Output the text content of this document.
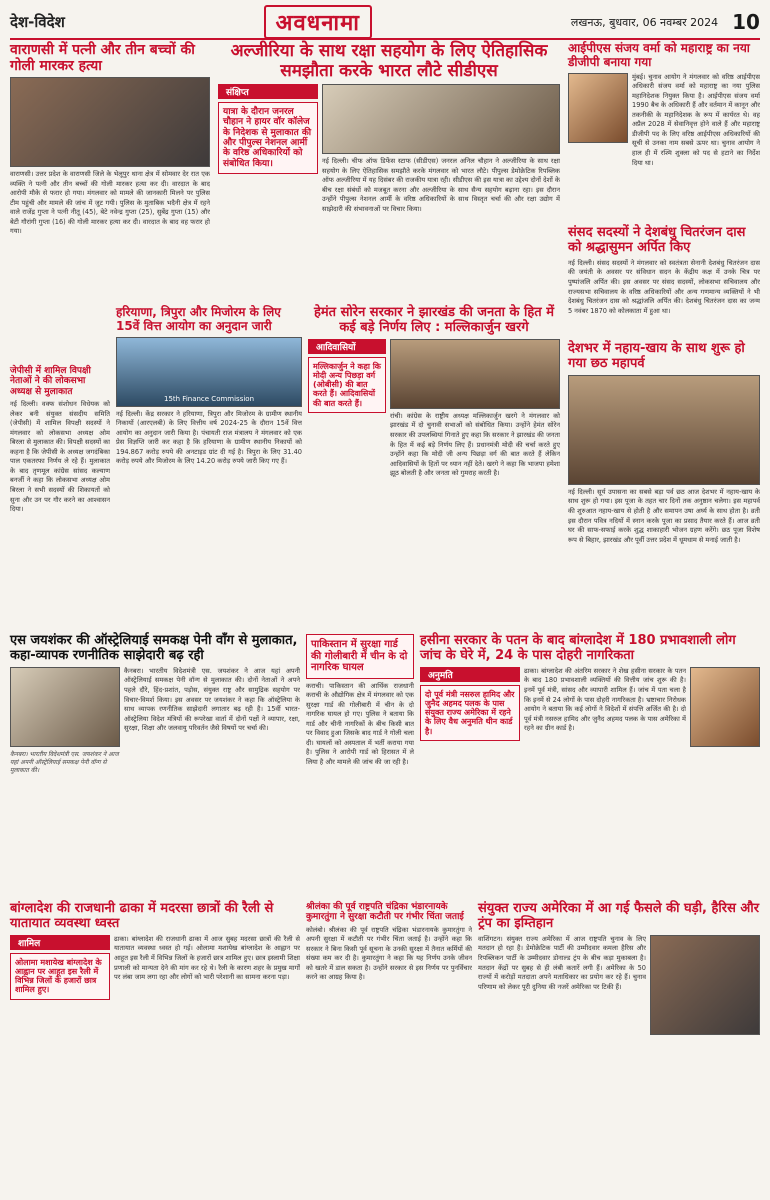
देश-विदेश	अवधनामा	लखनऊ, बुधवार, 06 नवम्बर 2024 10
वाराणसी में पत्नी और तीन बच्चों की गोली मारकर हत्या
वाराणसी। उत्तर प्रदेश के वाराणसी जिले के भेलूपुर थाना क्षेत्र में सोमवार देर रात एक व्यक्ति ने पत्नी और तीन बच्चों की गोली मारकर हत्या कर दी। वारदात के बाद आरोपी मौके से फरार हो गया। मंगलवार को मामले की जानकारी मिलने पर पुलिस टीम पहुंची और मामले की जांच में जुट गयी। पुलिस के मुताबिक भदैनी क्षेत्र में रहने वाले राजेंद्र गुप्ता ने पत्नी नीतू (45), बेटे नवेन्द्र गुप्ता (25), सुबेंद्र गुप्ता (15) और बेटी गौरांगी गुप्ता (16) की गोली मारकर हत्या कर दी। वारदात के बाद वह फरार हो गया।
अल्जीरिया के साथ रक्षा सहयोग के लिए ऐतिहासिक समझौता करके भारत लौटे सीडीएस
संक्षिप्त
यात्रा के दौरान जनरल चौहान ने हायर वॉर कॉलेज के निदेशक से मुलाकात की और पीपुल्स नेशनल आर्मी के वरिष्ठ अधिकारियों को संबोधित किया।	नई दिल्ली। चीफ ऑफ डिफेंस स्टाफ (सीडीएस) जनरल अनिल चौहान ने अल्जीरिया के साथ रक्षा सहयोग के लिए ऐतिहासिक समझौते करके मंगलवार को भारत लौटे। पीपुल्स डेमोक्रेटिक रिपब्लिक ऑफ अल्जीरिया में यह दिसंबर की राजकीय यात्रा रही। सीडीएस की इस यात्रा का उद्देश्य दोनों देशों के बीच रक्षा संबंधों को मजबूत करना और अल्जीरिया के साथ सैन्य सहयोग बढ़ाना रहा। इस दौरान उन्होंने पीपुल्स नेशनल आर्मी के वरिष्ठ अधिकारियों के साथ विस्तृत चर्चा की और रक्षा उद्योग में साझेदारी की संभावनाओं पर विचार किया।
आईपीएस संजय वर्मा को महाराष्ट्र का नया डीजीपी बनाया गया
मुंबई। चुनाव आयोग ने मंगलवार को वरिष्ठ आईपीएस अधिकारी संजय वर्मा को महाराष्ट्र का नया पुलिस महानिदेशक नियुक्त किया है। आईपीएस संजय वर्मा 1990 बैच के अधिकारी हैं और वर्तमान में कानून और तकनीकी के महानिदेशक के रूप में कार्यरत थे। वह अप्रैल 2028 में सेवानिवृत्त होने वाले हैं और महाराष्ट्र डीजीपी पद के लिए वरिष्ठ आईपीएस अधिकारियों की सूची से उनका नाम सबसे ऊपर था। चुनाव आयोग ने हाल ही में रश्मि शुक्ला को पद से हटाने का निर्देश दिया था।
संसद सदस्यों ने देशबंधु चितरंजन दास को श्रद्धासुमन अर्पित किए
नई दिल्ली। संसद सदस्यों ने मंगलवार को स्वतंत्रता सेनानी देशबंधु चितरंजन दास की जयंती के अवसर पर संविधान सदन के केंद्रीय कक्ष में उनके चित्र पर पुष्पांजलि अर्पित की। इस अवसर पर संसद सदस्यों, लोकसभा सचिवालय और राज्यसभा सचिवालय के वरिष्ठ अधिकारियों और अन्य गणमान्य व्यक्तियों ने भी देशबंधु चितरंजन दास को श्रद्धांजलि अर्पित की। देशबंधु चितरंजन दास का जन्म 5 नवंबर 1870 को कोलकाता में हुआ था।
जेपीसी में शामिल विपक्षी नेताओं ने की लोकसभा अध्यक्ष से मुलाकात
नई दिल्ली। वक्फ संशोधन विधेयक को लेकर बनी संयुक्त संसदीय समिति (जेपीसी) में शामिल विपक्षी सदस्यों ने मंगलवार को लोकसभा अध्यक्ष ओम बिरला से मुलाकात की। विपक्षी सदस्यों का कहना है कि जेपीसी के अध्यक्ष जगदंबिका पाल एकतरफा निर्णय ले रहे हैं। मुलाकात के बाद तृणमूल कांग्रेस सांसद कल्याण बनर्जी ने कहा कि लोकसभा अध्यक्ष ओम बिरला ने सभी सदस्यों की शिकायतों को सुना और उन पर गौर करने का आश्वासन दिया।
हरियाणा, त्रिपुरा और मिजोरम के लिए 15वें वित्त आयोग का अनुदान जारी
15th Finance Commission
नई दिल्ली। केंद्र सरकार ने हरियाणा, त्रिपुरा और मिजोरम के ग्रामीण स्थानीय निकायों (आरएलबी) के लिए वित्तीय वर्ष 2024-25 के दौरान 15वें वित्त आयोग का अनुदान जारी किया है। पंचायती राज मंत्रालय ने मंगलवार को एक प्रेस विज्ञप्ति जारी कर कहा है कि हरियाणा के ग्रामीण स्थानीय निकायों को 194.867 करोड़ रुपये की अनटाइड ग्रांट दी गई है। त्रिपुरा के लिए 31.40 करोड़ रुपये और मिजोरम के लिए 14.20 करोड़ रुपये जारी किए गए हैं।
हेमंत सोरेन सरकार ने झारखंड की जनता के हित में कई बड़े निर्णय लिए : मल्लिकार्जुन खरगे
आदिवासियों
मल्लिकार्जुन ने कहा कि मोदी अन्य पिछड़ा वर्ग (ओबीसी) की बात करते हैं। आदिवासियों की बात करते हैं।
रांची। कांग्रेस के राष्ट्रीय अध्यक्ष मल्लिकार्जुन खरगे ने मंगलवार को झारखंड में दो चुनावी सभाओं को संबोधित किया। उन्होंने हेमंत सोरेन सरकार की उपलब्धियां गिनाते हुए कहा कि सरकार ने झारखंड की जनता के हित में कई बड़े निर्णय लिए हैं। प्रधानमंत्री मोदी की चर्चा करते हुए उन्होंने कहा कि मोदी जी अन्य पिछड़ा वर्ग की बात करते हैं लेकिन आदिवासियों के हितों पर ध्यान नहीं देते। खरगे ने कहा कि भाजपा हमेशा झूठ बोलती है और जनता को गुमराह करती है।
देशभर में नहाय-खाय के साथ शुरू हो गया छठ महापर्व
नई दिल्ली। सूर्य उपासना का सबसे बड़ा पर्व छठ आज देशभर में नहाय-खाय के साथ शुरू हो गया। इस पूजा के तहत चार दिनों तक अनुष्ठान चलेगा। इस महापर्व की शुरुआत नहाय-खाय से होती है और समापन उषा अर्घ्य के साथ होता है। व्रती इस दौरान पवित्र नदियों में स्नान करके पूजा का प्रसाद तैयार करते हैं। आज व्रती घर की साफ-सफाई करके शुद्ध शाकाहारी भोजन ग्रहण करेंगे। छठ पूजा विशेष रूप से बिहार, झारखंड और पूर्वी उत्तर प्रदेश में धूमधाम से मनाई जाती है।
एस जयशंकर की ऑस्ट्रेलियाई समकक्ष पेनी वॉंग से मुलाकात, कहा-व्यापक रणनीतिक साझेदारी बढ़ रही
कैनबरा। भारतीय विदेशमंत्री एस. जयशंकर ने आज यहां अपनी ऑस्ट्रेलियाई समकक्ष पेनी वॉन्ग से मुलाकात की।
कैनबरा। भारतीय विदेशमंत्री एस. जयशंकर ने आज यहां अपनी ऑस्ट्रेलियाई समकक्ष पेनी वॉन्ग से मुलाकात की। दोनों नेताओं ने अपने पहले दौरे, हिंद-प्रशांत, पड़ोस, संयुक्त राष्ट्र और सामुद्रिक सहयोग पर विचार-विमर्श किया। इस अवसर पर जयशंकर ने कहा कि ऑस्ट्रेलिया के साथ व्यापक रणनीतिक साझेदारी लगातार बढ़ रही है। 15वीं भारत-ऑस्ट्रेलिया विदेश मंत्रियों की रूपरेखा वार्ता में दोनों पक्षों ने व्यापार, रक्षा, सुरक्षा, शिक्षा और जलवायु परिवर्तन जैसे विषयों पर चर्चा की।
पाकिस्तान में सुरक्षा गार्ड की गोलीबारी में चीन के दो नागरिक घायल
कराची। पाकिस्तान की आर्थिक राजधानी कराची के औद्योगिक क्षेत्र में मंगलवार को एक सुरक्षा गार्ड की गोलीबारी में चीन के दो नागरिक घायल हो गए। पुलिस ने बताया कि गार्ड और चीनी नागरिकों के बीच किसी बात पर विवाद हुआ जिसके बाद गार्ड ने गोली चला दी। घायलों को अस्पताल में भर्ती कराया गया है। पुलिस ने आरोपी गार्ड को हिरासत में ले लिया है और मामले की जांच की जा रही है।
हसीना सरकार के पतन के बाद बांग्लादेश में 180 प्रभावशाली लोग जांच के घेरे में, 24 के पास दोहरी नागरिकता
अनुमति
दो पूर्व मंत्री नसरुल हामिद और जुनैद अहमद पलक के पास संयुक्त राज्य अमेरिका में रहने के लिए वैध अनुमति थीन कार्ड है।
ढाका। बांग्लादेश की अंतरिम सरकार ने शेख हसीना सरकार के पतन के बाद 180 प्रभावशाली व्यक्तियों की वित्तीय जांच शुरू की है। इनमें पूर्व मंत्री, सांसद और व्यापारी शामिल हैं। जांच में पता चला है कि इनमें से 24 लोगों के पास दोहरी नागरिकता है। भ्रष्टाचार निरोधक आयोग ने बताया कि कई लोगों ने विदेशों में संपत्ति अर्जित की है। दो पूर्व मंत्री नसरुल हामिद और जुनैद अहमद पलक के पास अमेरिका में रहने का ग्रीन कार्ड है।
बांग्लादेश की राजधानी ढाका में मदरसा छात्रों की रैली से यातायात व्यवस्था ध्वस्त
शामिल
ओलामा मशायेख बांग्लादेश के आह्वान पर आहूत इस रैली में विभिन्न जिलों के हजारों छात्र शामिल हुए।
ढाका। बांग्लादेश की राजधानी ढाका में आज सुबह मदरसा छात्रों की रैली से यातायात व्यवस्था ध्वस्त हो गई। ओलामा मशायेख बांग्लादेश के आह्वान पर आहूत इस रैली में विभिन्न जिलों के हजारों छात्र शामिल हुए। छात्र इस्लामी शिक्षा प्रणाली को मान्यता देने की मांग कर रहे थे। रैली के कारण शहर के प्रमुख मार्गों पर लंबा जाम लगा रहा और लोगों को भारी परेशानी का सामना करना पड़ा।
श्रीलंका की पूर्व राष्ट्रपति चंद्रिका भंडारनायके कुमारतुंगा ने सुरक्षा कटौती पर गंभीर चिंता जताई
कोलंबो। श्रीलंका की पूर्व राष्ट्रपति चंद्रिका भंडारनायके कुमारतुंगा ने अपनी सुरक्षा में कटौती पर गंभीर चिंता जताई है। उन्होंने कहा कि सरकार ने बिना किसी पूर्व सूचना के उनकी सुरक्षा में तैनात कर्मियों की संख्या कम कर दी है। कुमारतुंगा ने कहा कि यह निर्णय उनके जीवन को खतरे में डाल सकता है। उन्होंने सरकार से इस निर्णय पर पुनर्विचार करने का आग्रह किया है।
संयुक्त राज्य अमेरिका में आ गई फैसले की घड़ी, हैरिस और ट्रंप का इम्तिहान
वाशिंगटन। संयुक्त राज्य अमेरिका में आज राष्ट्रपति चुनाव के लिए मतदान हो रहा है। डेमोक्रेटिक पार्टी की उम्मीदवार कमला हैरिस और रिपब्लिकन पार्टी के उम्मीदवार डोनाल्ड ट्रंप के बीच कड़ा मुकाबला है। मतदान केंद्रों पर सुबह से ही लंबी कतारें लगी हैं। अमेरिका के 50 राज्यों में करोड़ों मतदाता अपने मताधिकार का प्रयोग कर रहे हैं। चुनाव परिणाम को लेकर पूरी दुनिया की नजरें अमेरिका पर टिकी हैं।
